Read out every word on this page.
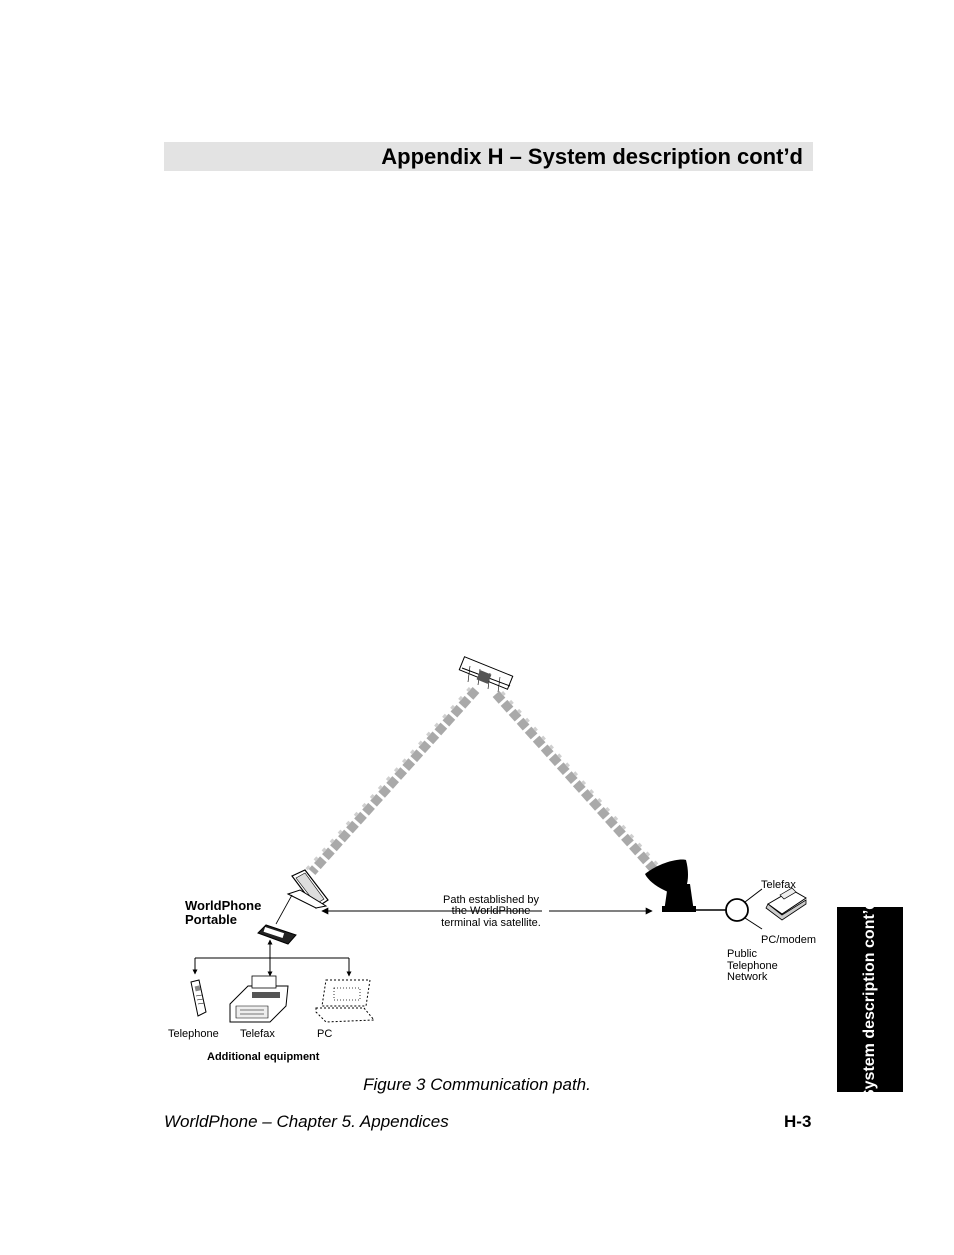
Appendix H – System description cont’d
Path established by
the WorldPhone
terminal via satellite.
Telefax
PC/modem
Public
Telephone
Network
WorldPhone
Portable
Telephone Telefax	PC
Additional equipment
Figure 3 Communication path.	System description cont’d
WorldPhone – Chapter 5. Appendices	H-3
